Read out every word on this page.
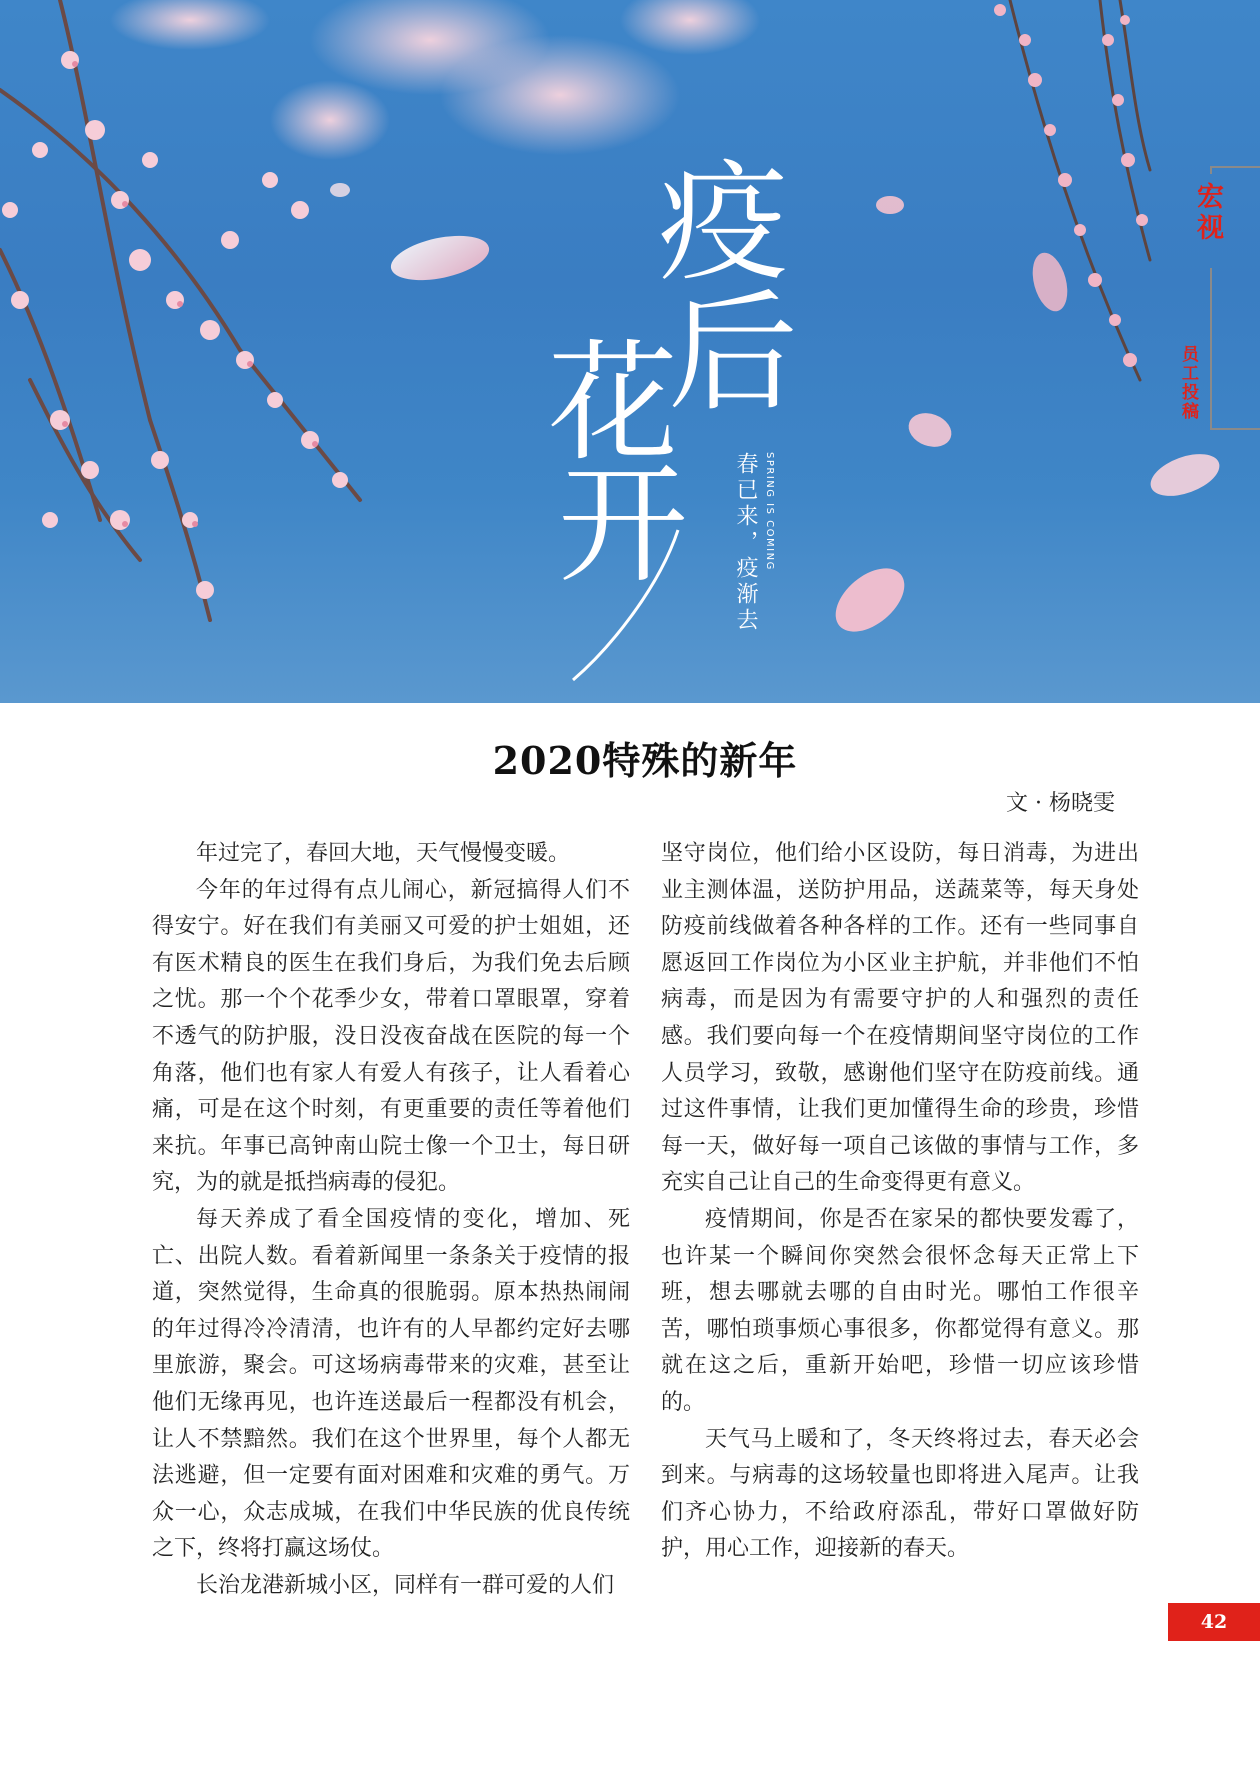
疫
后
花
开 春已来，疫渐去 SPRING IS COMING
宏视
员工投稿
2020特殊的新年
文 · 杨晓雯

年过完了，春回大地，天气慢慢变暖。

今年的年过得有点儿闹心，新冠搞得人们不得安宁。好在我们有美丽又可爱的护士姐姐，还有医术精良的医生在我们身后，为我们免去后顾之忧。那一个个花季少女，带着口罩眼罩，穿着不透气的防护服，没日没夜奋战在医院的每一个角落，他们也有家人有爱人有孩子，让人看着心痛，可是在这个时刻，有更重要的责任等着他们来抗。年事已高钟南山院士像一个卫士，每日研究，为的就是抵挡病毒的侵犯。

每天养成了看全国疫情的变化，增加、死亡、出院人数。看着新闻里一条条关于疫情的报道，突然觉得，生命真的很脆弱。原本热热闹闹的年过得冷冷清清，也许有的人早都约定好去哪里旅游，聚会。可这场病毒带来的灾难，甚至让他们无缘再见，也许连送最后一程都没有机会，让人不禁黯然。我们在这个世界里，每个人都无法逃避，但一定要有面对困难和灾难的勇气。万众一心，众志成城，在我们中华民族的优良传统之下，终将打赢这场仗。

长治龙港新城小区，同样有一群可爱的人们

坚守岗位，他们给小区设防，每日消毒，为进出业主测体温，送防护用品，送蔬菜等，每天身处防疫前线做着各种各样的工作。还有一些同事自愿返回工作岗位为小区业主护航，并非他们不怕病毒，而是因为有需要守护的人和强烈的责任感。我们要向每一个在疫情期间坚守岗位的工作人员学习，致敬，感谢他们坚守在防疫前线。通过这件事情，让我们更加懂得生命的珍贵，珍惜每一天，做好每一项自己该做的事情与工作，多充实自己让自己的生命变得更有意义。

疫情期间，你是否在家呆的都快要发霉了，也许某一个瞬间你突然会很怀念每天正常上下班，想去哪就去哪的自由时光。哪怕工作很辛苦，哪怕琐事烦心事很多，你都觉得有意义。那就在这之后，重新开始吧，珍惜一切应该珍惜的。

天气马上暖和了，冬天终将过去，春天必会到来。与病毒的这场较量也即将进入尾声。让我们齐心协力，不给政府添乱，带好口罩做好防护，用心工作，迎接新的春天。

42
